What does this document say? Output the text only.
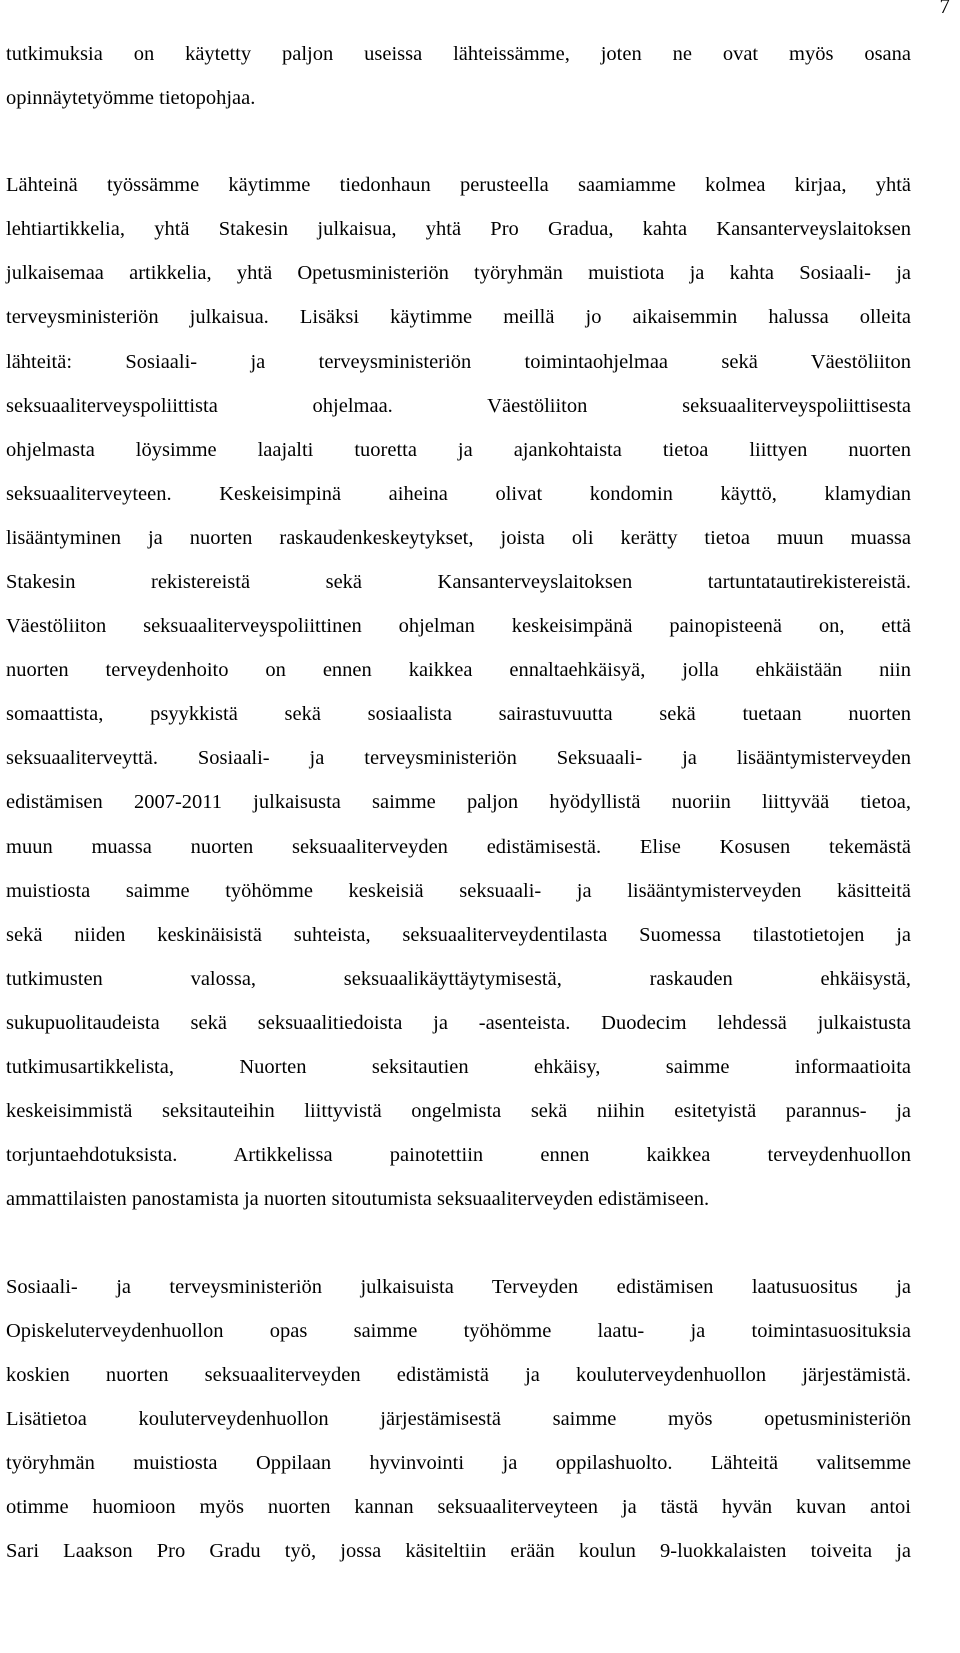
7
tutkimuksia on käytetty paljon useissa lähteissämme, joten ne ovat myös osana
opinnäytetyömme tietopohjaa.
Lähteinä työssämme käytimme tiedonhaun perusteella saamiamme kolmea kirjaa, yhtä
lehtiartikkelia, yhtä Stakesin julkaisua, yhtä Pro Gradua, kahta Kansanterveyslaitoksen
julkaisemaa artikkelia, yhtä Opetusministeriön työryhmän muistiota ja kahta Sosiaali- ja
terveysministeriön julkaisua. Lisäksi käytimme meillä jo aikaisemmin halussa olleita
lähteitä: Sosiaali- ja terveysministeriön toimintaohjelmaa sekä Väestöliiton
seksuaaliterveyspoliittista ohjelmaa. Väestöliiton seksuaaliterveyspoliittisesta
ohjelmasta löysimme laajalti tuoretta ja ajankohtaista tietoa liittyen nuorten
seksuaaliterveyteen. Keskeisimpinä aiheina olivat kondomin käyttö, klamydian
lisääntyminen ja nuorten raskaudenkeskeytykset, joista oli kerätty tietoa muun muassa
Stakesin rekistereistä sekä Kansanterveyslaitoksen tartuntatautirekistereistä.
Väestöliiton seksuaaliterveyspoliittinen ohjelman keskeisimpänä painopisteenä on, että
nuorten terveydenhoito on ennen kaikkea ennaltaehkäisyä, jolla ehkäistään niin
somaattista, psyykkistä sekä sosiaalista sairastuvuutta sekä tuetaan nuorten
seksuaaliterveyttä. Sosiaali- ja terveysministeriön Seksuaali- ja lisääntymisterveyden
edistämisen 2007-2011 julkaisusta saimme paljon hyödyllistä nuoriin liittyvää tietoa,
muun muassa nuorten seksuaaliterveyden edistämisestä. Elise Kosusen tekemästä
muistiosta saimme työhömme keskeisiä seksuaali- ja lisääntymisterveyden käsitteitä
sekä niiden keskinäisistä suhteista, seksuaaliterveydentilasta Suomessa tilastotietojen ja
tutkimusten valossa, seksuaalikäyttäytymisestä, raskauden ehkäisystä,
sukupuolitaudeista sekä seksuaalitiedoista ja -asenteista. Duodecim lehdessä julkaistusta
tutkimusartikkelista, Nuorten seksitautien ehkäisy, saimme informaatioita
keskeisimmistä seksitauteihin liittyvistä ongelmista sekä niihin esitetyistä parannus- ja
torjuntaehdotuksista. Artikkelissa painotettiin ennen kaikkea terveydenhuollon
ammattilaisten panostamista ja nuorten sitoutumista seksuaaliterveyden edistämiseen.
Sosiaali- ja terveysministeriön julkaisuista Terveyden edistämisen laatusuositus ja
Opiskeluterveydenhuollon opas saimme työhömme laatu- ja toimintasuosituksia
koskien nuorten seksuaaliterveyden edistämistä ja kouluterveydenhuollon järjestämistä.
Lisätietoa kouluterveydenhuollon järjestämisestä saimme myös opetusministeriön
työryhmän muistiosta Oppilaan hyvinvointi ja oppilashuolto. Lähteitä valitsemme
otimme huomioon myös nuorten kannan seksuaaliterveyteen ja tästä hyvän kuvan antoi
Sari Laakson Pro Gradu työ, jossa käsiteltiin erään koulun 9-luokkalaisten toiveita ja
